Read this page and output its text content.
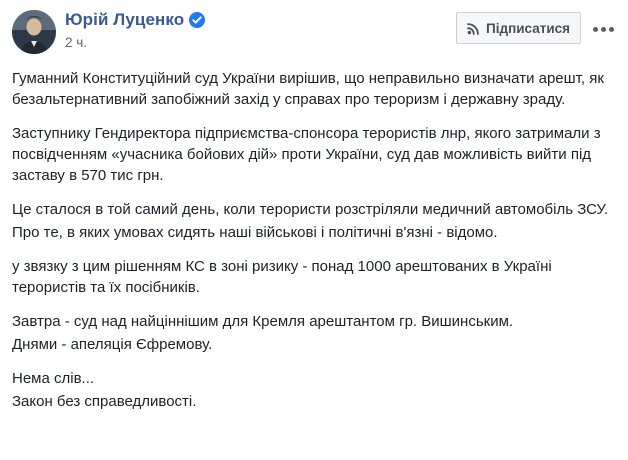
Юрій Луценко
2 ч.
Підписатися

Гуманний Конституційний суд України вирішив, що неправильно визначати арешт, як безальтернативний запобіжний захід у справах про тероризм і державну зраду.

Заступнику Гендиректора підприємства-спонсора терористів лнр, якого затримали з посвідченням «учасника бойових дій» проти України, суд дав можливість вийти під заставу в 570 тис грн.

Це сталося в той самий день, коли терористи розстріляли медичний автомобіль ЗСУ.

Про те, в яких умовах сидять наші військові і політичні в'язні - відомо.

у звязку з цим рішенням КС в зоні ризику - понад 1000 арештованих в Україні терористів та їх посібників.

Завтра - суд над найціннішим для Кремля арештантом гр. Вишинським.

Днями - апеляція Єфремову.

Нема слів...

Закон без справедливості.
